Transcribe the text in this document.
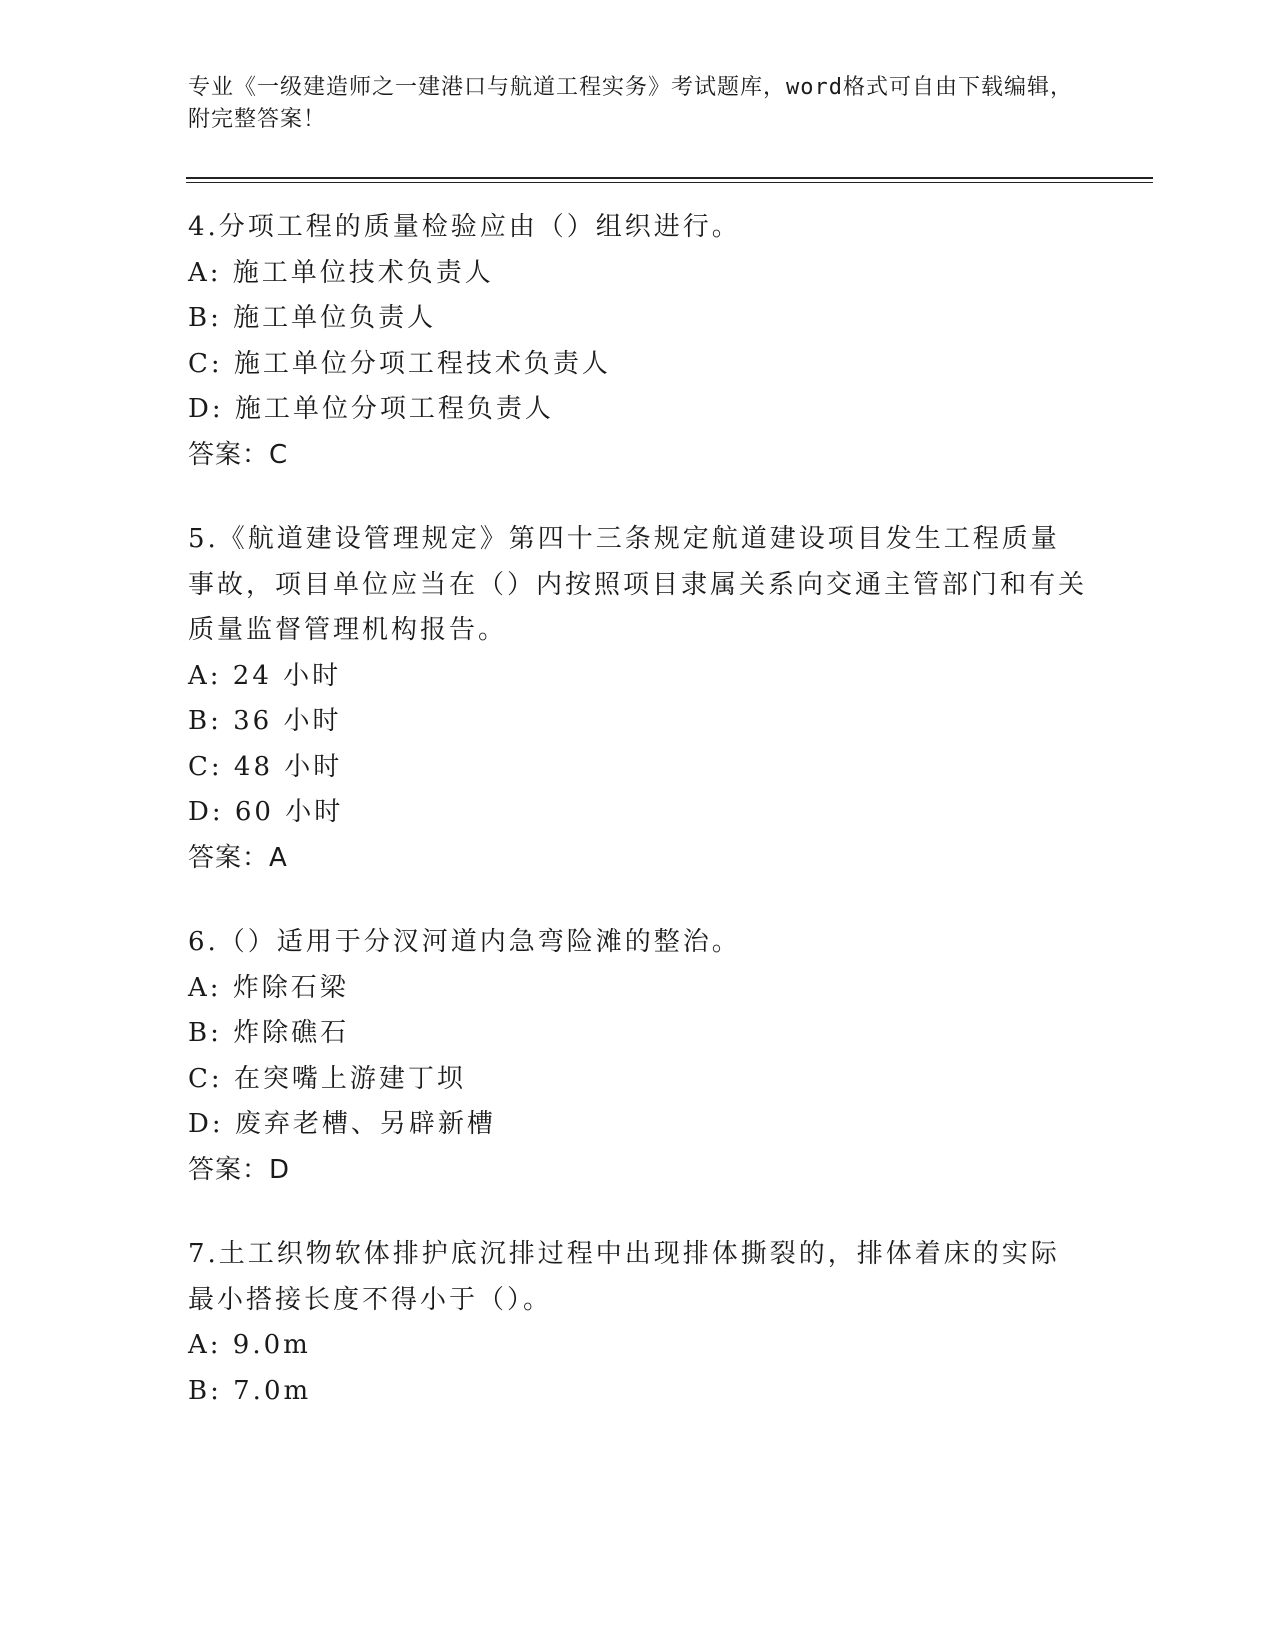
专业《一级建造师之一建港口与航道工程实务》考试题库，word格式可自由下载编辑，附完整答案！

4.分项工程的质量检验应由（）组织进行。

A: 施工单位技术负责人

B: 施工单位负责人

C: 施工单位分项工程技术负责人

D: 施工单位分项工程负责人

答案：C

5.《航道建设管理规定》第四十三条规定航道建设项目发生工程质量事故，项目单位应当在（）内按照项目隶属关系向交通主管部门和有关质量监督管理机构报告。

A: 24 小时

B: 36 小时

C: 48 小时

D: 60 小时

答案：A

6.（）适用于分汊河道内急弯险滩的整治。

A: 炸除石梁

B: 炸除礁石

C: 在突嘴上游建丁坝

D: 废弃老槽、另辟新槽

答案：D

7.土工织物软体排护底沉排过程中出现排体撕裂的，排体着床的实际最小搭接长度不得小于（）。

A: 9.0m

B: 7.0m
